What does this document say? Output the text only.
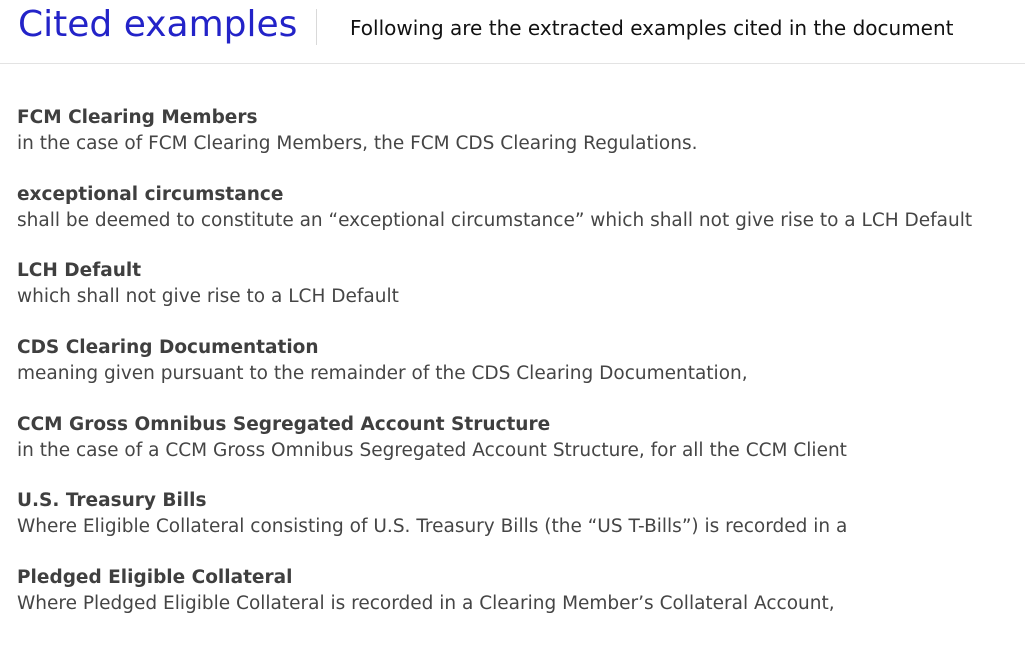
Cited examples	Following are the extracted examples cited in the document
FCM Clearing Members
in the case of FCM Clearing Members, the FCM CDS Clearing Regulations.
exceptional circumstance
shall be deemed to constitute an “exceptional circumstance” which shall not give rise to a LCH Default
LCH Default
which shall not give rise to a LCH Default
CDS Clearing Documentation
meaning given pursuant to the remainder of the CDS Clearing Documentation,
CCM Gross Omnibus Segregated Account Structure
in the case of a CCM Gross Omnibus Segregated Account Structure, for all the CCM Client
U.S. Treasury Bills
Where Eligible Collateral consisting of U.S. Treasury Bills (the “US T-Bills”) is recorded in a
Pledged Eligible Collateral
Where Pledged Eligible Collateral is recorded in a Clearing Member’s Collateral Account,
